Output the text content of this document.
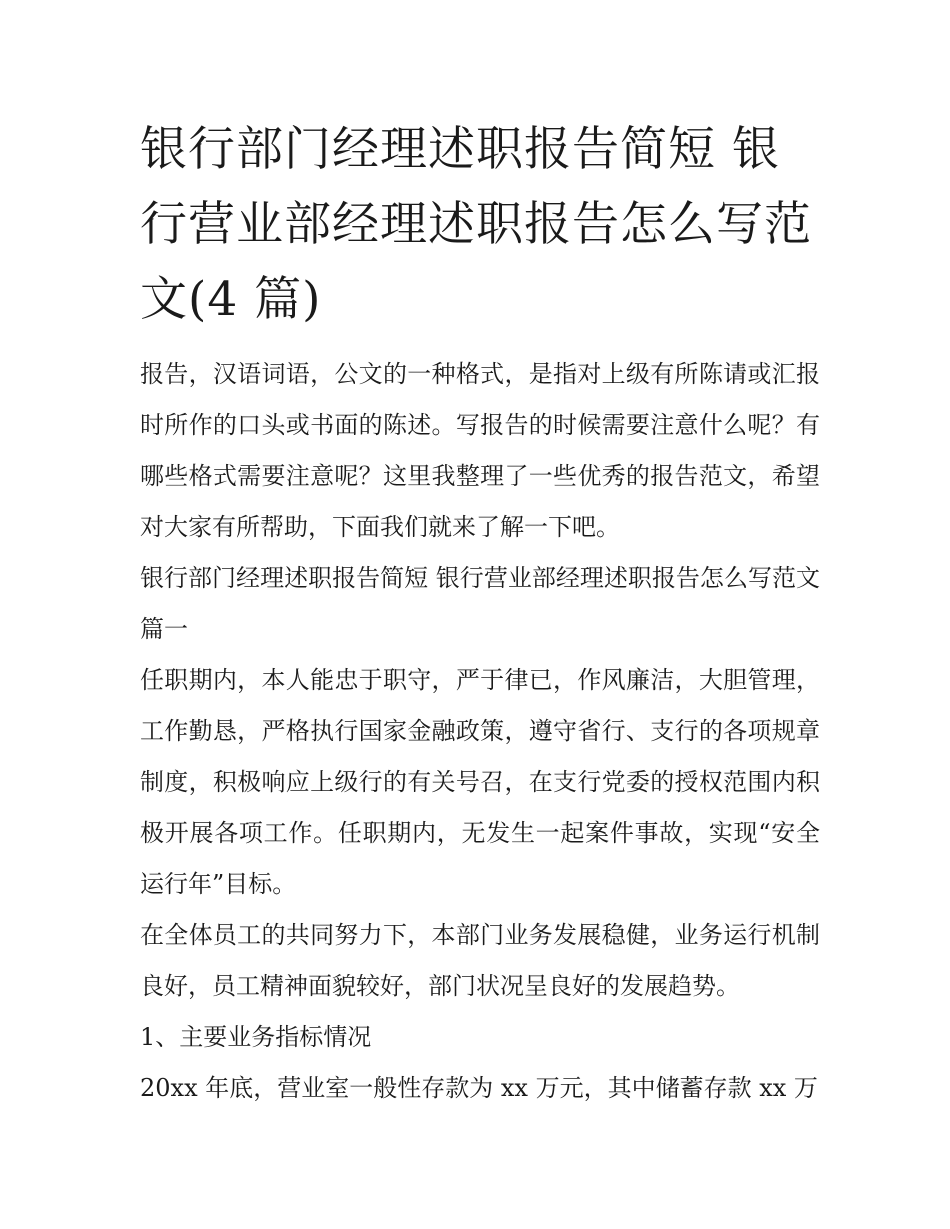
银行部门经理述职报告简短 银行营业部经理述职报告怎么写范文(4 篇)

报告，汉语词语，公文的一种格式，是指对上级有所陈请或汇报时所作的口头或书面的陈述。写报告的时候需要注意什么呢？有哪些格式需要注意呢？这里我整理了一些优秀的报告范文，希望对大家有所帮助，下面我们就来了解一下吧。

银行部门经理述职报告简短 银行营业部经理述职报告怎么写范文篇一

任职期内，本人能忠于职守，严于律已，作风廉洁，大胆管理，工作勤恳，严格执行国家金融政策，遵守省行、支行的各项规章制度，积极响应上级行的有关号召，在支行党委的授权范围内积极开展各项工作。任职期内，无发生一起案件事故，实现“安全运行年”目标。

在全体员工的共同努力下，本部门业务发展稳健，业务运行机制良好，员工精神面貌较好，部门状况呈良好的发展趋势。

1、主要业务指标情况

20xx 年底，营业室一般性存款为 xx 万元，其中储蓄存款 xx 万
